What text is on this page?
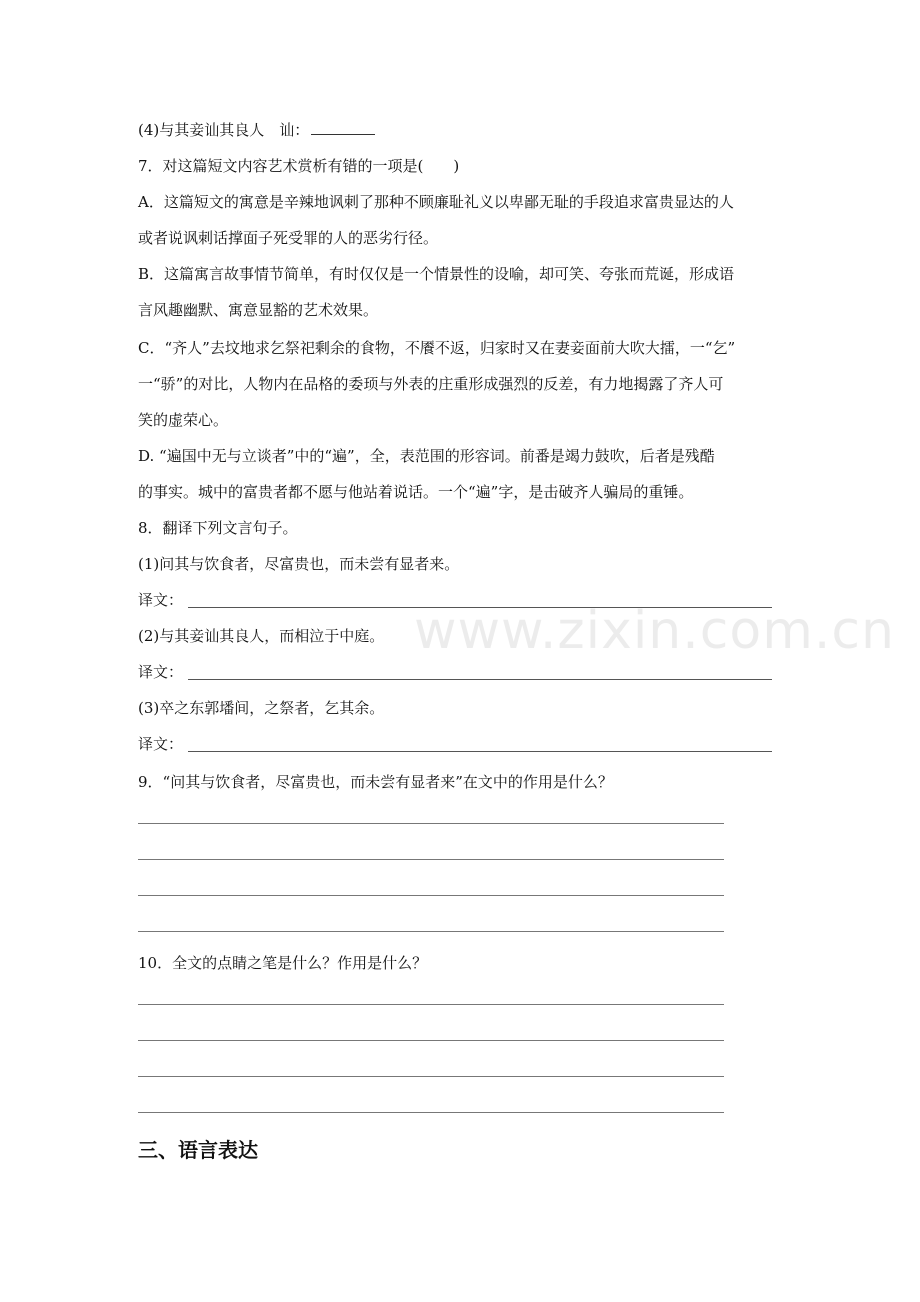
(4)与其妾讪其良人　讪：
7．对这篇短文内容艺术赏析有错的一项是(　　)
A．这篇短文的寓意是辛辣地讽刺了那种不顾廉耻礼义以卑鄙无耻的手段追求富贵显达的人
或者说讽刺话撑面子死受罪的人的恶劣行径。
B．这篇寓言故事情节简单，有时仅仅是一个情景性的设喻，却可笑、夸张而荒诞，形成语
言风趣幽默、寓意显豁的艺术效果。
C．“齐人”去坟地求乞祭祀剩余的食物，不餍不返，归家时又在妻妾面前大吹大擂，一“乞”
一“骄”的对比，人物内在品格的委顼与外表的庄重形成强烈的反差，有力地揭露了齐人可
笑的虚荣心。
D. “遍国中无与立谈者”中的“遍”，全，表范围的形容词。前番是竭力鼓吹，后者是残酷
的事实。城中的富贵者都不愿与他站着说话。一个“遍”字，是击破齐人骗局的重锤。
8．翻译下列文言句子。
(1)问其与饮食者，尽富贵也，而未尝有显者来。
译文：
(2)与其妾讪其良人，而相泣于中庭。
译文：
(3)卒之东郭墦间，之祭者，乞其余。
译文：
9．“问其与饮食者，尽富贵也，而未尝有显者来”在文中的作用是什么？
10．全文的点睛之笔是什么？作用是什么？
三、语言表达
www.zixin.com.cn
